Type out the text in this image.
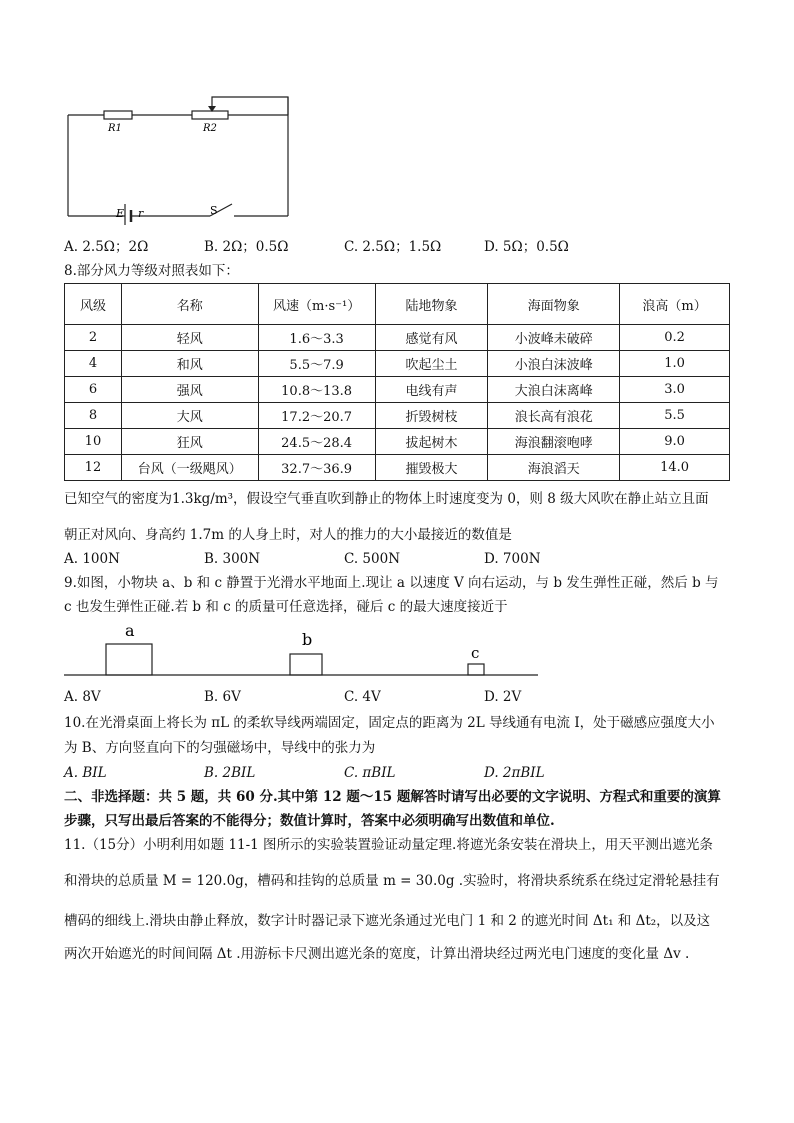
R1	R2
E r	S
A. 2.5Ω；2Ω	B. 2Ω；0.5Ω	C. 2.5Ω；1.5Ω	D. 5Ω；0.5Ω
8.部分风力等级对照表如下：
风级	名称	风速（m·s⁻¹）	陆地物象	海面物象	浪高（m）
2	轻风	1.6～3.3	感觉有风	小波峰未破碎	0.2
4	和风	5.5～7.9	吹起尘土	小浪白沫波峰	1.0
6	强风	10.8～13.8	电线有声	大浪白沫离峰	3.0
8	大风	17.2～20.7	折毁树枝	浪长高有浪花	5.5
10	狂风	24.5～28.4	拔起树木	海浪翻滚咆哮	9.0
12	台风（一级飓风）	32.7～36.9	摧毁极大	海浪滔天	14.0
已知空气的密度为1.3kg/m³，假设空气垂直吹到静止的物体上时速度变为 0，则 8 级大风吹在静止站立且面
朝正对风向、身高约 1.7m 的人身上时，对人的推力的大小最接近的数值是
A. 100N	B. 300N	C. 500N	D. 700N
9.如图，小物块 a、b 和 c 静置于光滑水平地面上.现让 a 以速度 V 向右运动，与 b 发生弹性正碰，然后 b 与
c 也发生弹性正碰.若 b 和 c 的质量可任意选择，碰后 c 的最大速度接近于
a	b
c
A. 8V	B. 6V	C. 4V	D. 2V
10.在光滑桌面上将长为 πL 的柔软导线两端固定，固定点的距离为 2L 导线通有电流 I，处于磁感应强度大小
为 B、方向竖直向下的匀强磁场中，导线中的张力为
A. BIL	B. 2BIL	C. πBIL	D. 2πBIL
二、非选择题：共 5 题，共 60 分.其中第 12 题～15 题解答时请写出必要的文字说明、方程式和重要的演算
步骤，只写出最后答案的不能得分；数值计算时，答案中必须明确写出数值和单位.
11.（15分）小明利用如题 11-1 图所示的实验装置验证动量定理.将遮光条安装在滑块上，用天平测出遮光条
和滑块的总质量 M = 120.0g，槽码和挂钩的总质量 m = 30.0g .实验时，将滑块系统系在绕过定滑轮悬挂有
槽码的细线上.滑块由静止释放，数字计时器记录下遮光条通过光电门 1 和 2 的遮光时间 Δt₁ 和 Δt₂，以及这
两次开始遮光的时间间隔 Δt .用游标卡尺测出遮光条的宽度，计算出滑块经过两光电门速度的变化量 Δv .
